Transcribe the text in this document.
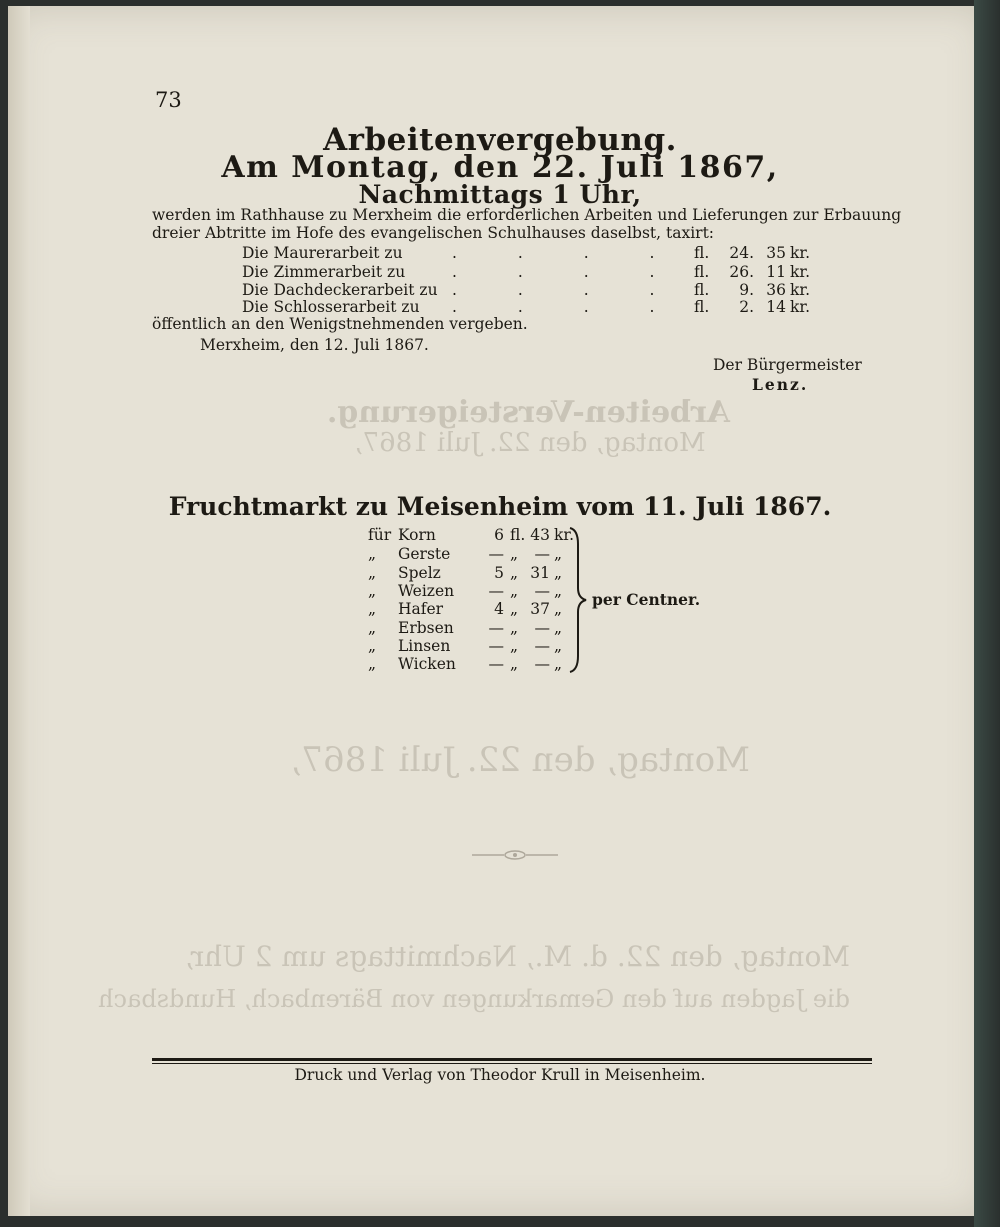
Arbeiten-Versteigerung.
Montag, den 22. Juli 1867,
Montag, den 22. Juli 1867,
Montag, den 22. d. M., Nachmittags um 2 Uhr,
die Jagden auf den Gemarkungen von Bärenbach, Hundsbach
73
Arbeitenvergebung.
Am Montag, den 22. Juli 1867,
Nachmittags 1 Uhr,
werden im Rathhause zu Merxheim die erforderlichen Arbeiten und Lieferungen zur Erbauung
dreier Abtritte im Hofe des evangelischen Schulhauses daselbst, taxirt:
Die Maurerarbeit zu	. . . . fl.	24. 35 kr.
Die Zimmerarbeit zu	. . . . fl.	26. 11 kr.
Die Dachdeckerarbeit zu . . . . fl.	9. 36 kr.
Die Schlosserarbeit zu . . . . fl.	2. 14 kr.
öffentlich an den Wenigstnehmenden vergeben.
Merxheim, den 12. Juli 1867.
Der Bürgermeister
Lenz.
Fruchtmarkt zu Meisenheim vom 11. Juli 1867.
für Korn	6 fl. 43 kr.
„	Gerste	— „	— „
„	Spelz	5 „ 31 „
„	Weizen	— „	— „
„	Hafer	4 „ 37 „
„	Erbsen	— „	— „
„	Linsen	— „	— „
„	Wicken	— „	— „
per Centner.
Druck und Verlag von Theodor Krull in Meisenheim.
